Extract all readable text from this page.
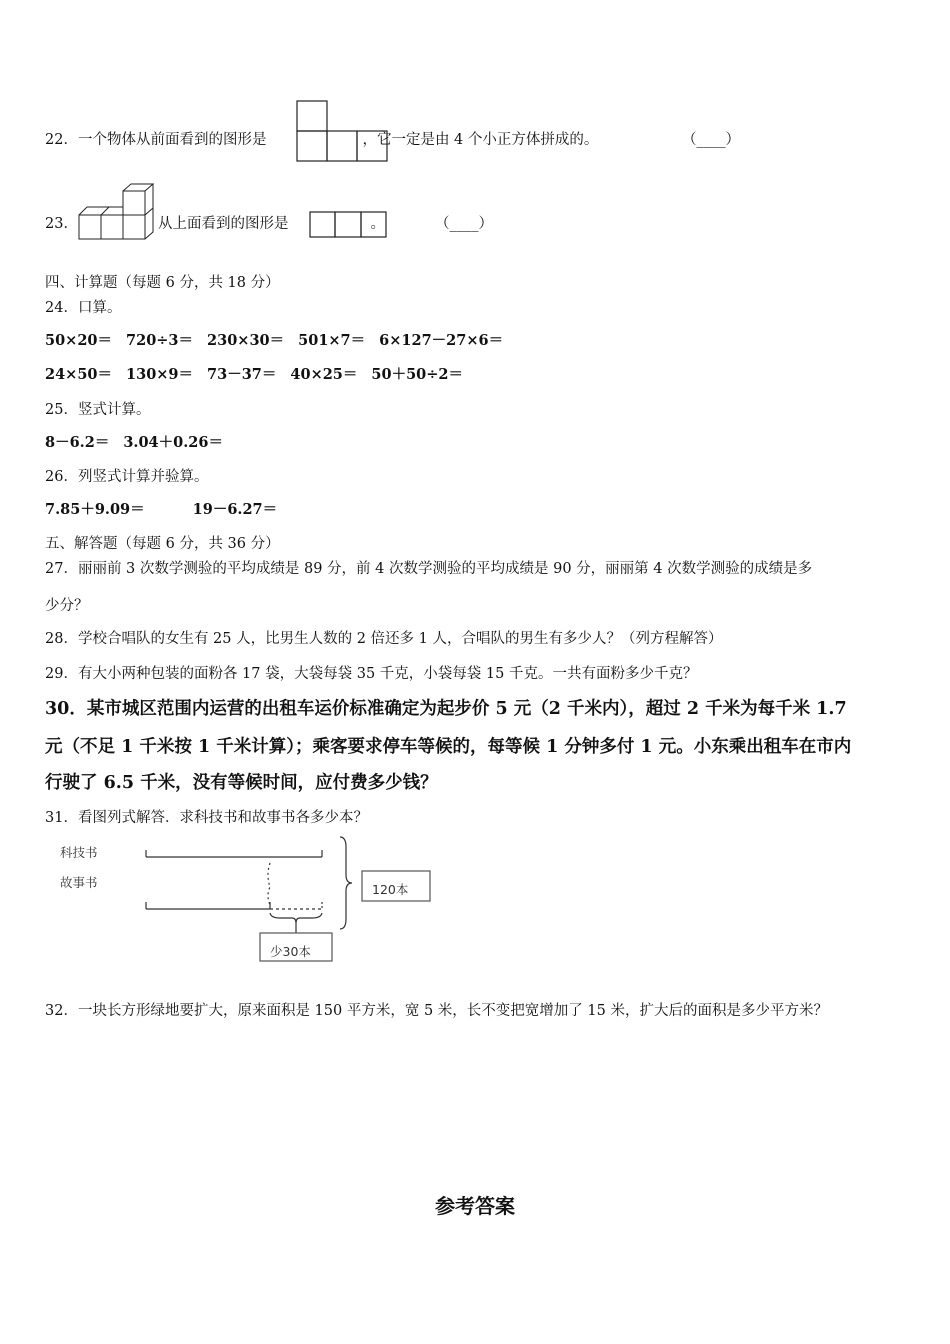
22．一个物体从前面看到的图形是	，它一定是由 4 个小正方体拼成的。	（____）
23．	从上面看到的图形是	。	（____）
四、计算题（每题 6 分，共 18 分）
24．口算。
50×20＝ 720÷3＝ 230×30＝ 501×7＝ 6×127－27×6＝
24×50＝ 130×9＝ 73－37＝ 40×25＝ 50＋50÷2＝
25．竖式计算。
8－6.2＝ 3.04＋0.26＝
26．列竖式计算并验算。
7.85＋9.09＝	19－6.27＝
五、解答题（每题 6 分，共 36 分）
27．丽丽前 3 次数学测验的平均成绩是 89 分，前 4 次数学测验的平均成绩是 90 分，丽丽第 4 次数学测验的成绩是多
少分？
28．学校合唱队的女生有 25 人，比男生人数的 2 倍还多 1 人，合唱队的男生有多少人？（列方程解答）
29．有大小两种包装的面粉各 17 袋，大袋每袋 35 千克，小袋每袋 15 千克。一共有面粉多少千克？
30．某市城区范围内运营的出租车运价标准确定为起步价 5 元（2 千米内），超过 2 千米为每千米 1.7
元（不足 1 千米按 1 千米计算）；乘客要求停车等候的，每等候 1 分钟多付 1 元。小东乘出租车在市内
行驶了 6.5 千米，没有等候时间，应付费多少钱？
31．看图列式解答．求科技书和故事书各多少本？
科技书
故事书	120本
少30本
32．一块长方形绿地要扩大，原来面积是 150 平方米，宽 5 米，长不变把宽增加了 15 米，扩大后的面积是多少平方米？
参考答案
